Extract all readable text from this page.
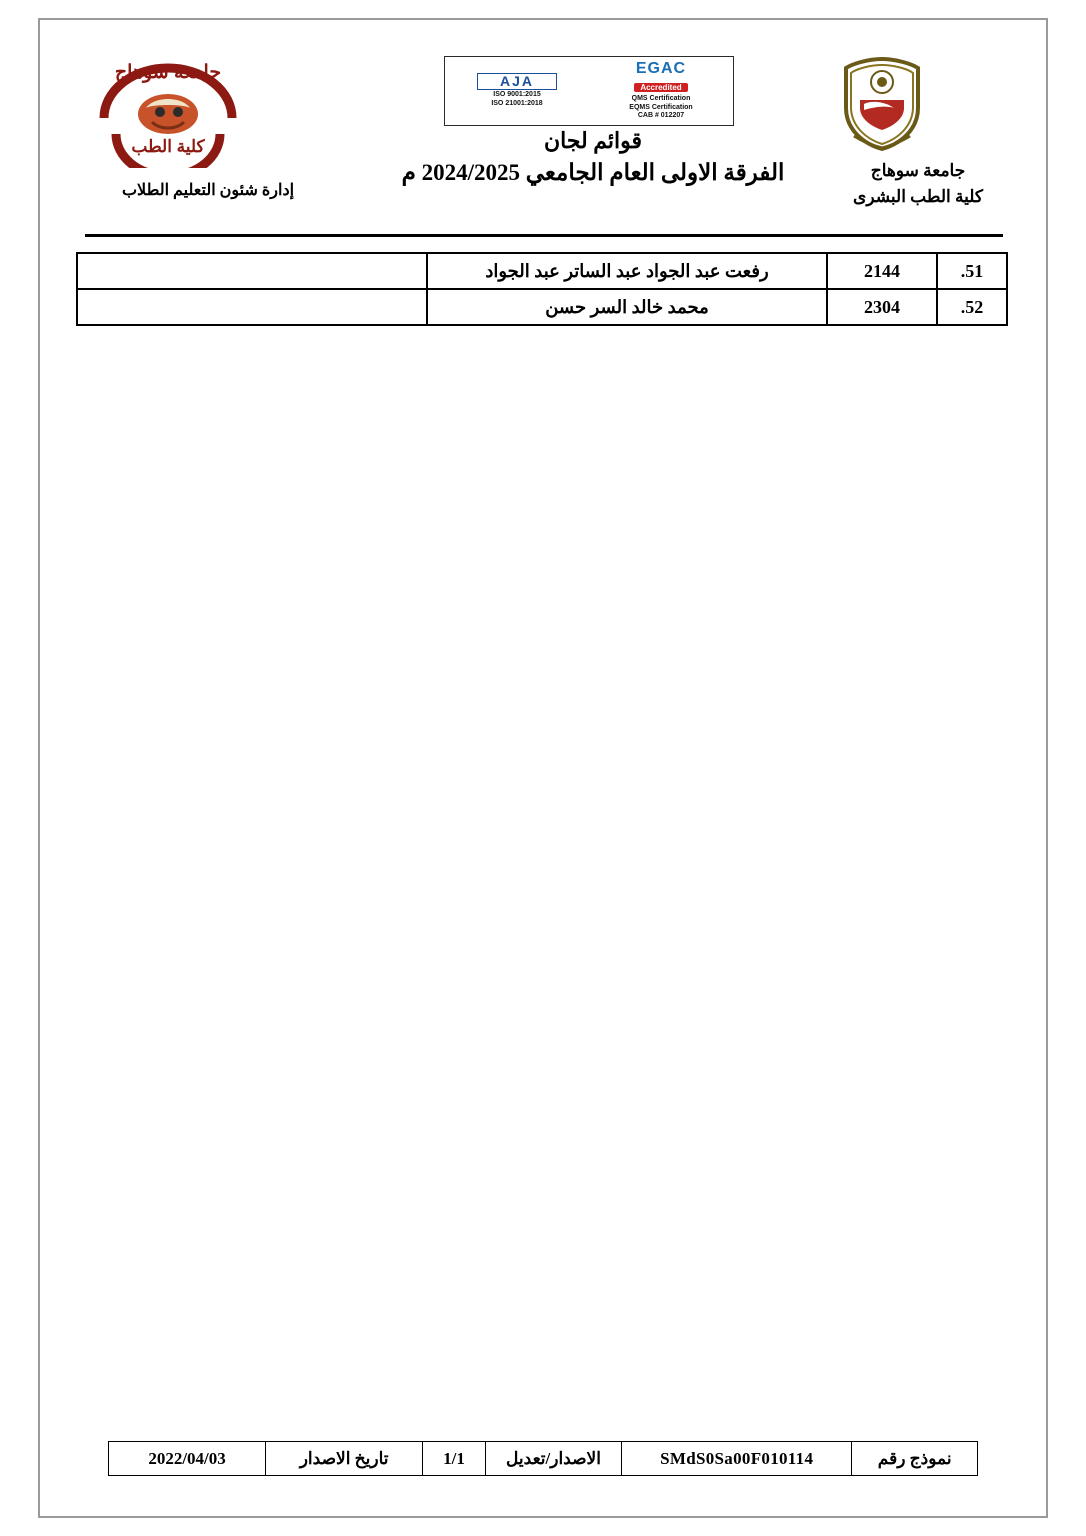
جامعة سوهاج
كلية الطب البشرى
جامعة سوهاج
كلية الطب
إدارة شئون التعليم الطلاب
EGAC
Accredited
QMS Certification
EQMS Certification
CAB # 012207
AJA
ISO 9001:2015
ISO 21001:2018
قوائم لجان
الفرقة الاولى العام الجامعي 2024/2025 م
.51	2144	رفعت عبد الجواد عبد الساتر عبد الجواد	
.52	2304	محمد خالد السر حسن	
نموذج رقم	SMdS0Sa00F010114	الاصدار/تعديل	1/1	تاريخ الاصدار	2022/04/03
